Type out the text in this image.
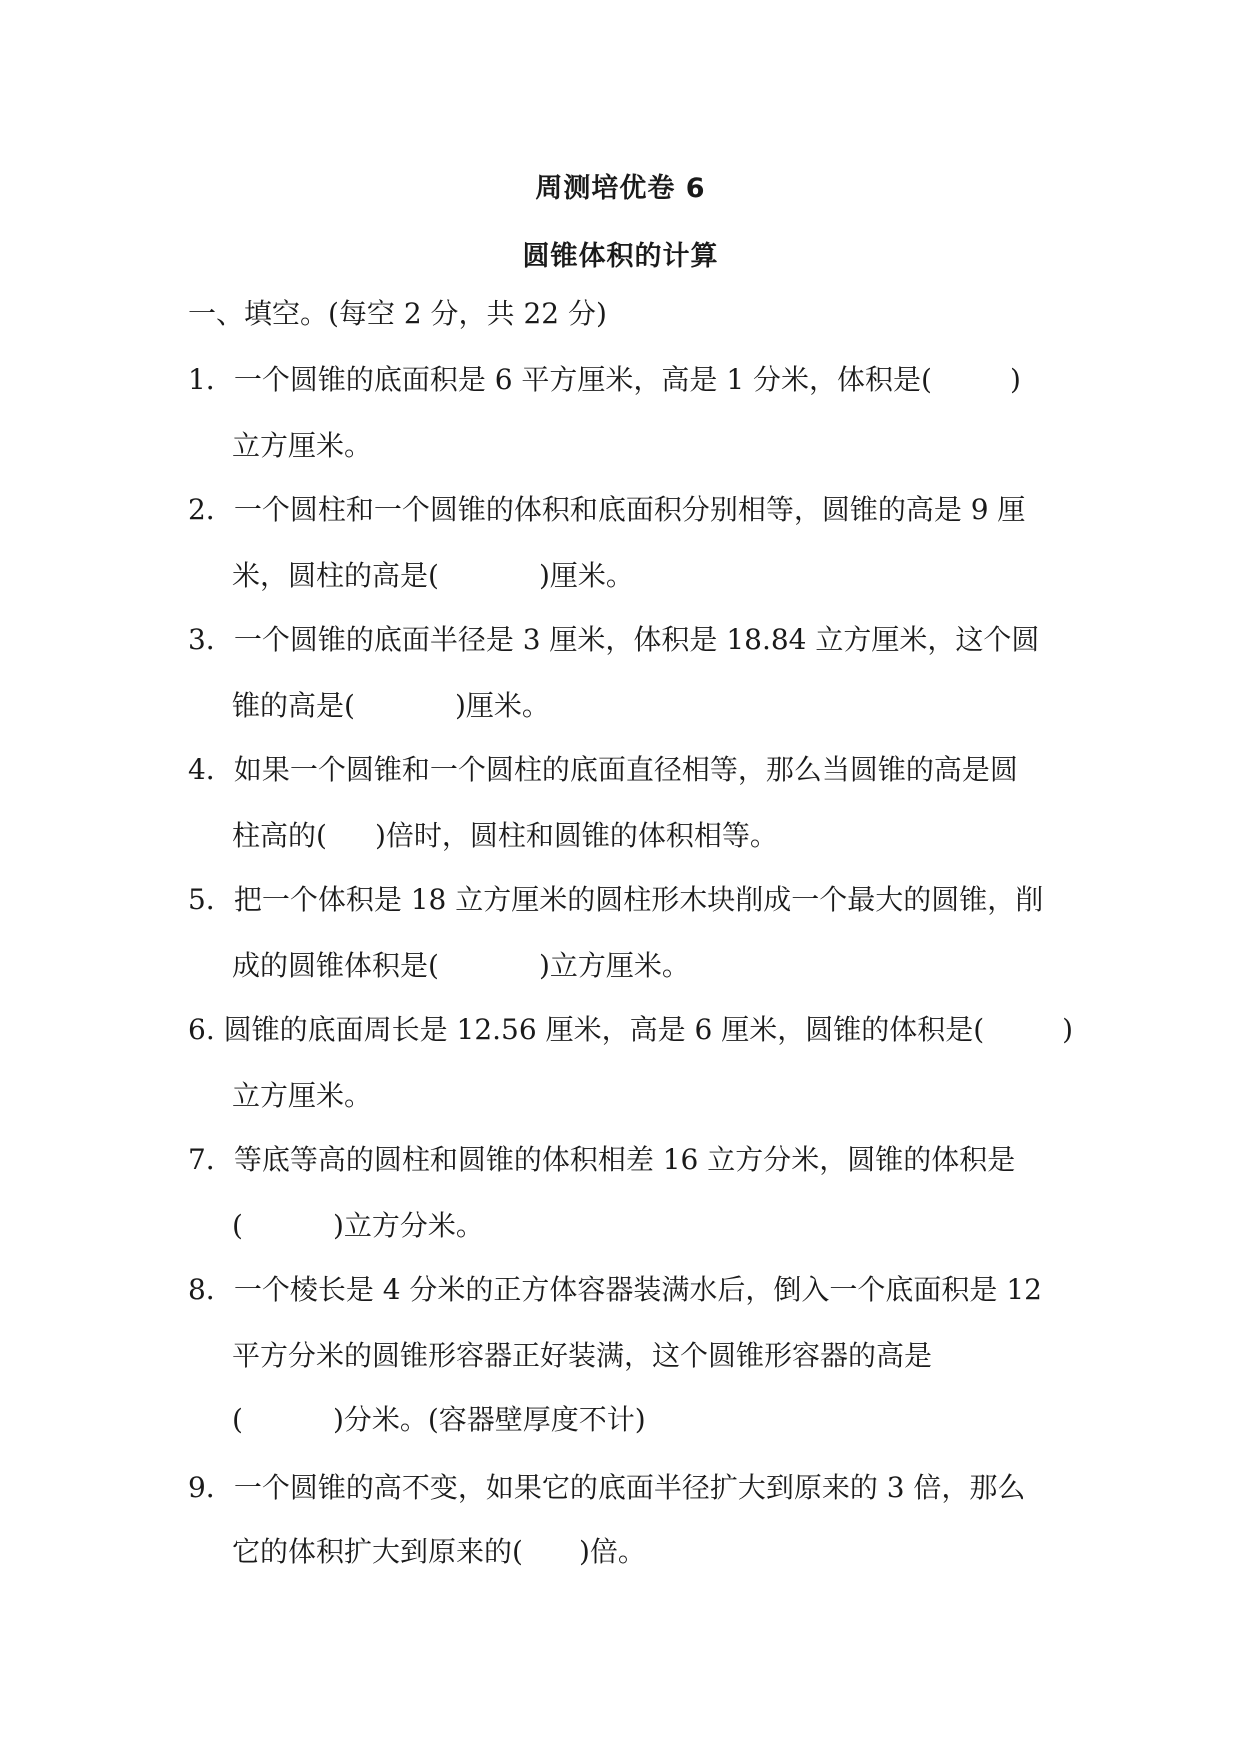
周测培优卷 6
圆锥体积的计算
一、填空。(每空 2 分，共 22 分)
1．一个圆锥的底面积是 6 平方厘米，高是 1 分米，体积是(	)
立方厘米。
2．一个圆柱和一个圆锥的体积和底面积分别相等，圆锥的高是 9 厘
米，圆柱的高是(	)厘米。
3．一个圆锥的底面半径是 3 厘米，体积是 18.84 立方厘米，这个圆
锥的高是(	)厘米。
4．如果一个圆锥和一个圆柱的底面直径相等，那么当圆锥的高是圆
柱高的( )倍时，圆柱和圆锥的体积相等。
5．把一个体积是 18 立方厘米的圆柱形木块削成一个最大的圆锥，削
成的圆锥体积是(	)立方厘米。
6. 圆锥的底面周长是 12.56 厘米，高是 6 厘米，圆锥的体积是(	)
立方厘米。
7．等底等高的圆柱和圆锥的体积相差 16 立方分米，圆锥的体积是
(	)立方分米。
8．一个棱长是 4 分米的正方体容器装满水后，倒入一个底面积是 12
平方分米的圆锥形容器正好装满，这个圆锥形容器的高是
(	)分米。(容器壁厚度不计)
9．一个圆锥的高不变，如果它的底面半径扩大到原来的 3 倍，那么
它的体积扩大到原来的( )倍。
